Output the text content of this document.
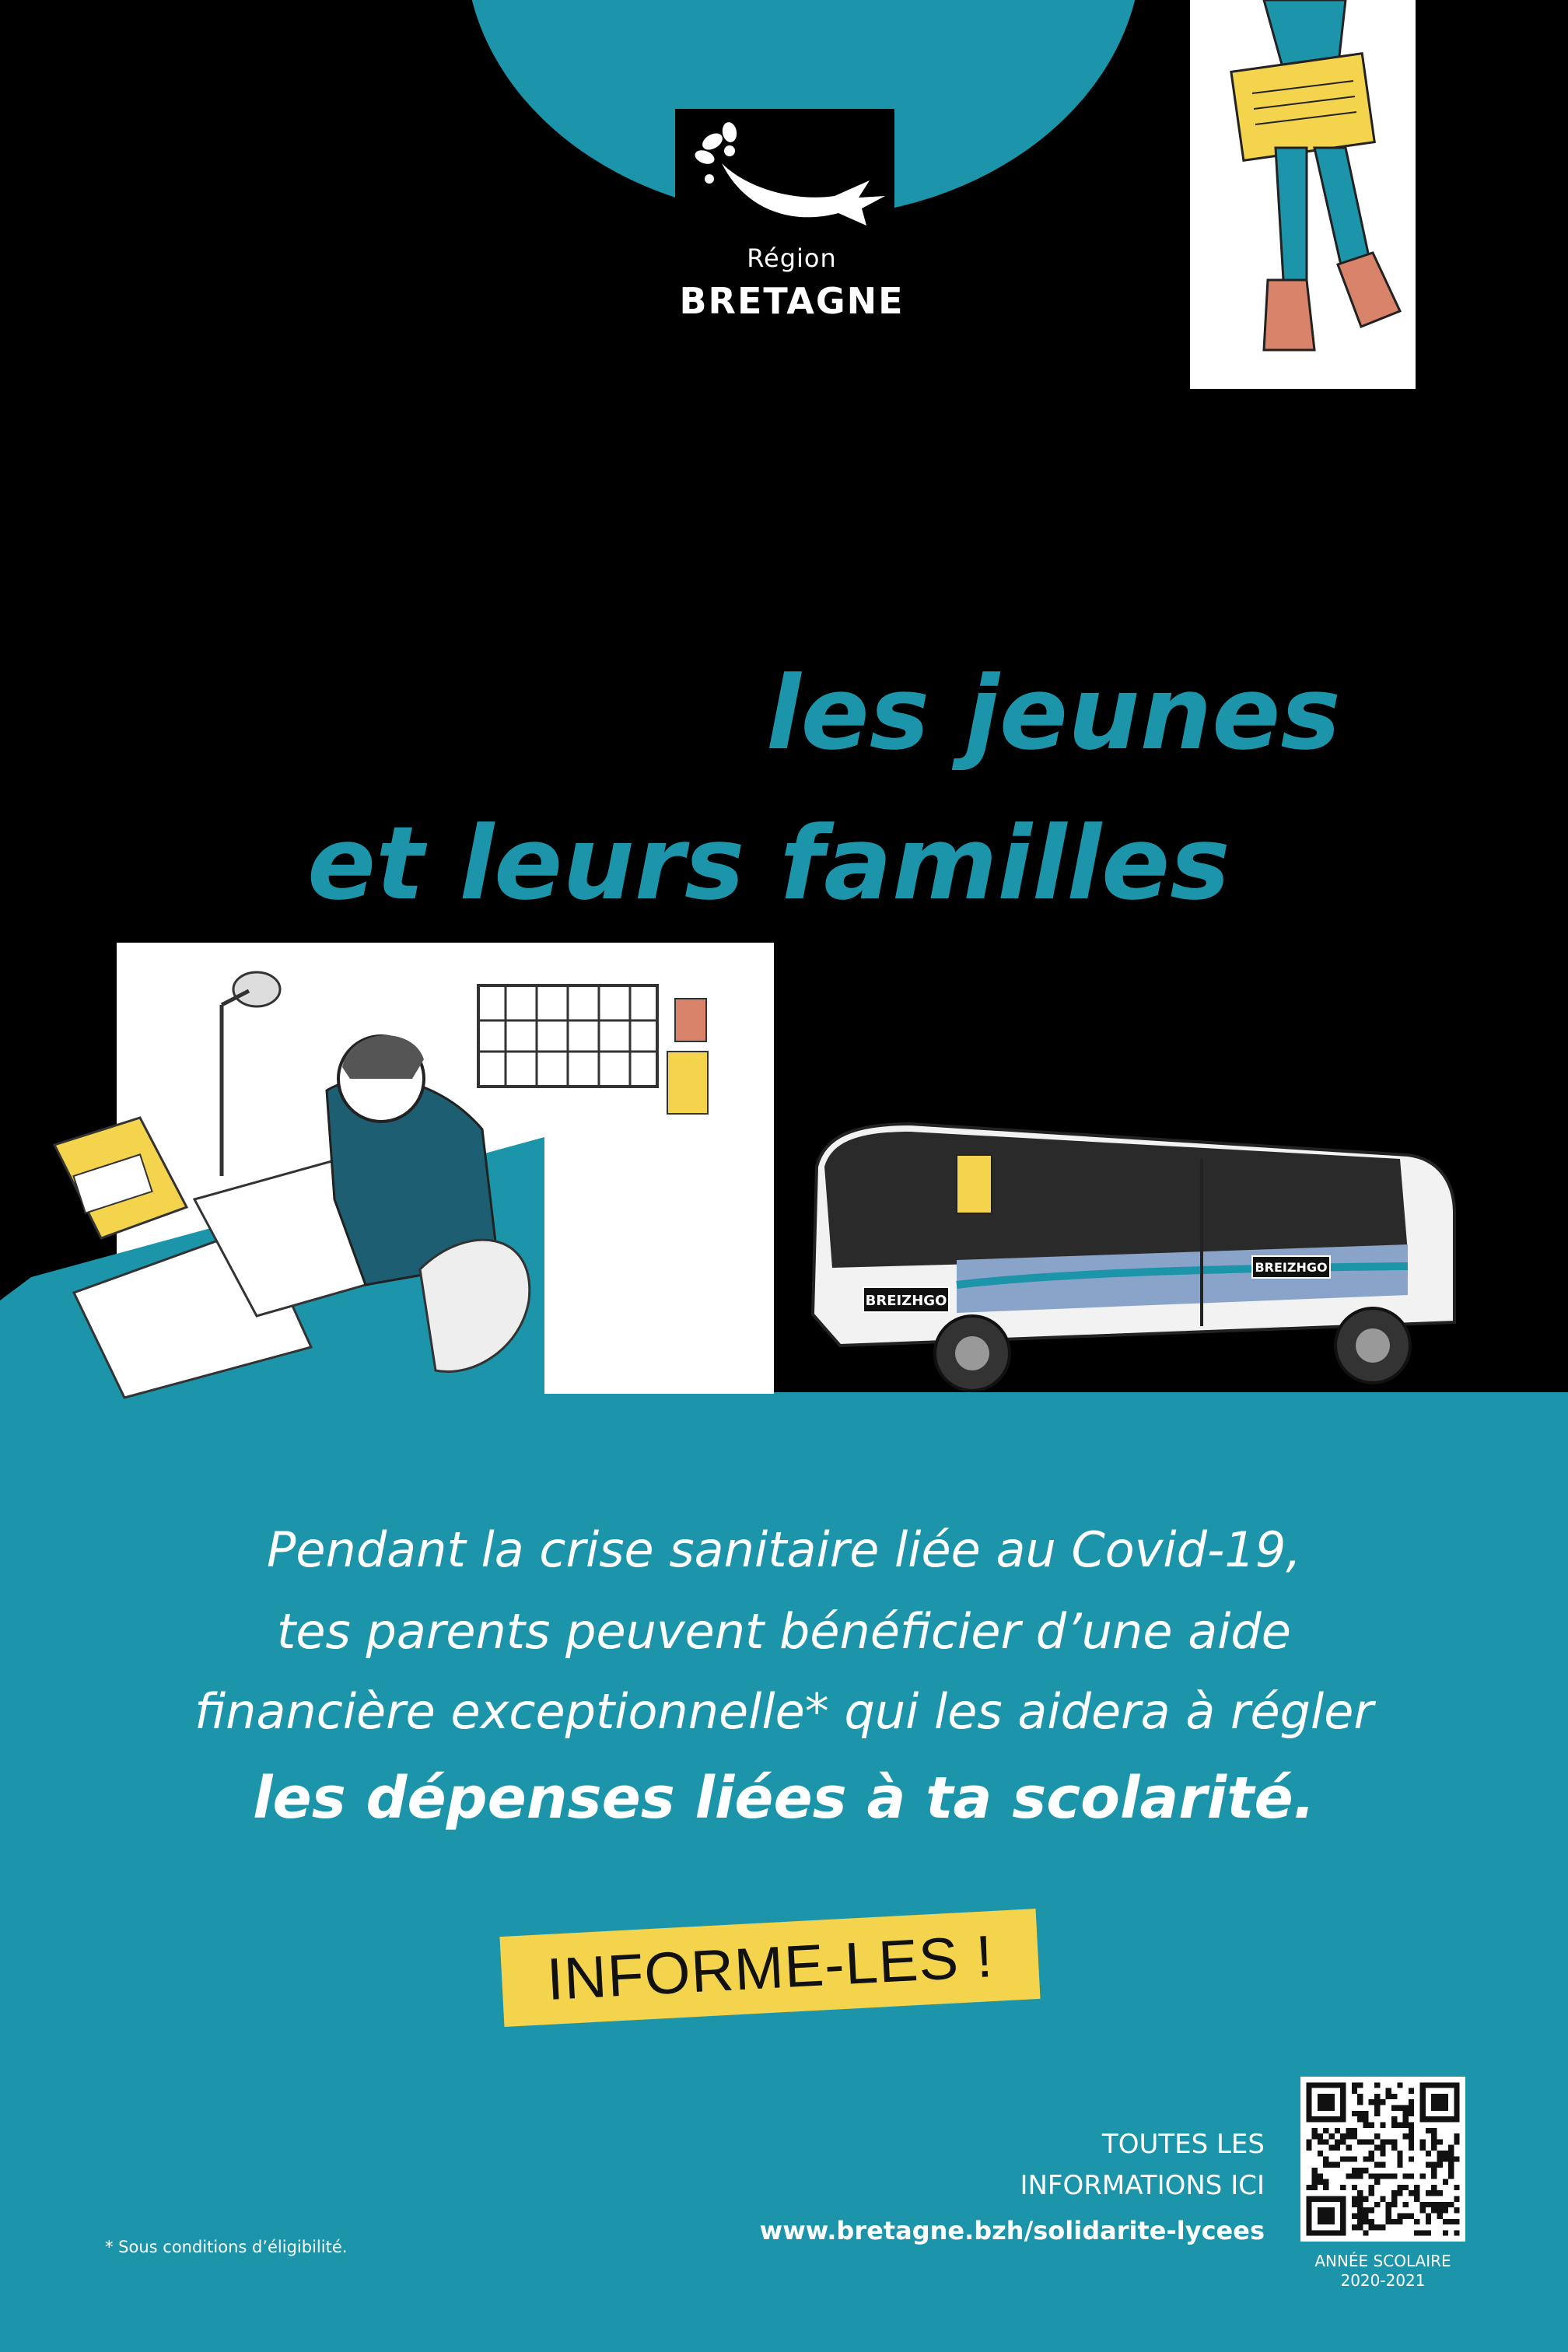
Région
BRETAGNE
les jeunes
et leurs familles
BREIZHGO
BREIZHGO
Pendant la crise sanitaire liée au Covid-19,
tes parents peuvent bénéficier d’une aide
financière exceptionnelle* qui les aidera à régler
les dépenses liées à ta scolarité.
INFORME-LES !
TOUTES LES
INFORMATIONS ICI
www.bretagne.bzh/solidarite-lycees
ANNÉE SCOLAIRE
2020-2021
* Sous conditions d’éligibilité.
